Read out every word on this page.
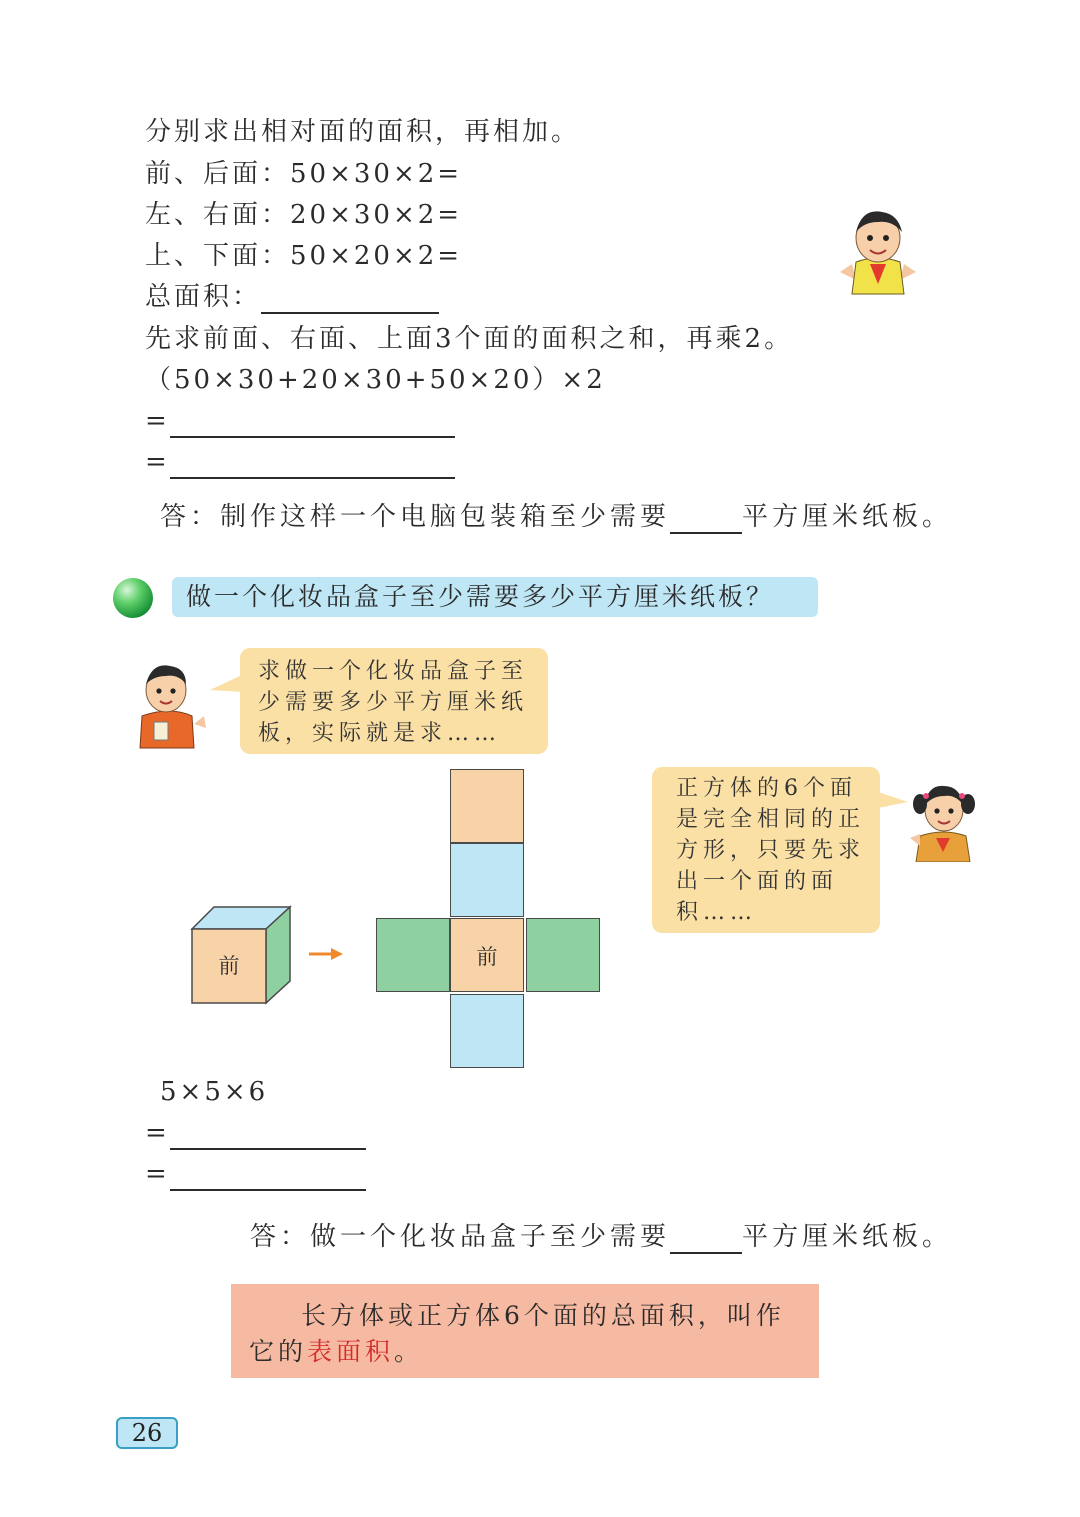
分别求出相对面的面积，再相加。
前、后面：50×30×2=
左、右面：20×30×2=
上、下面：50×20×2=
总面积：
先求前面、右面、上面3个面的面积之和，再乘2。
（50×30+20×30+50×20）×2
=
=
答：制作这样一个电脑包装箱至少需要	平方厘米纸板。
做一个化妆品盒子至少需要多少平方厘米纸板？

求做一个化妆品盒子至

少需要多少平方厘米纸

板，实际就是求……

正方体的6个面

是完全相同的正

方形，只要先求

出一个面的面

积……

前	前
5×5×6
=
=
答：做一个化妆品盒子至少需要	平方厘米纸板。

长方体或正方体6个面的总面积，叫作

它的表面积。

26
